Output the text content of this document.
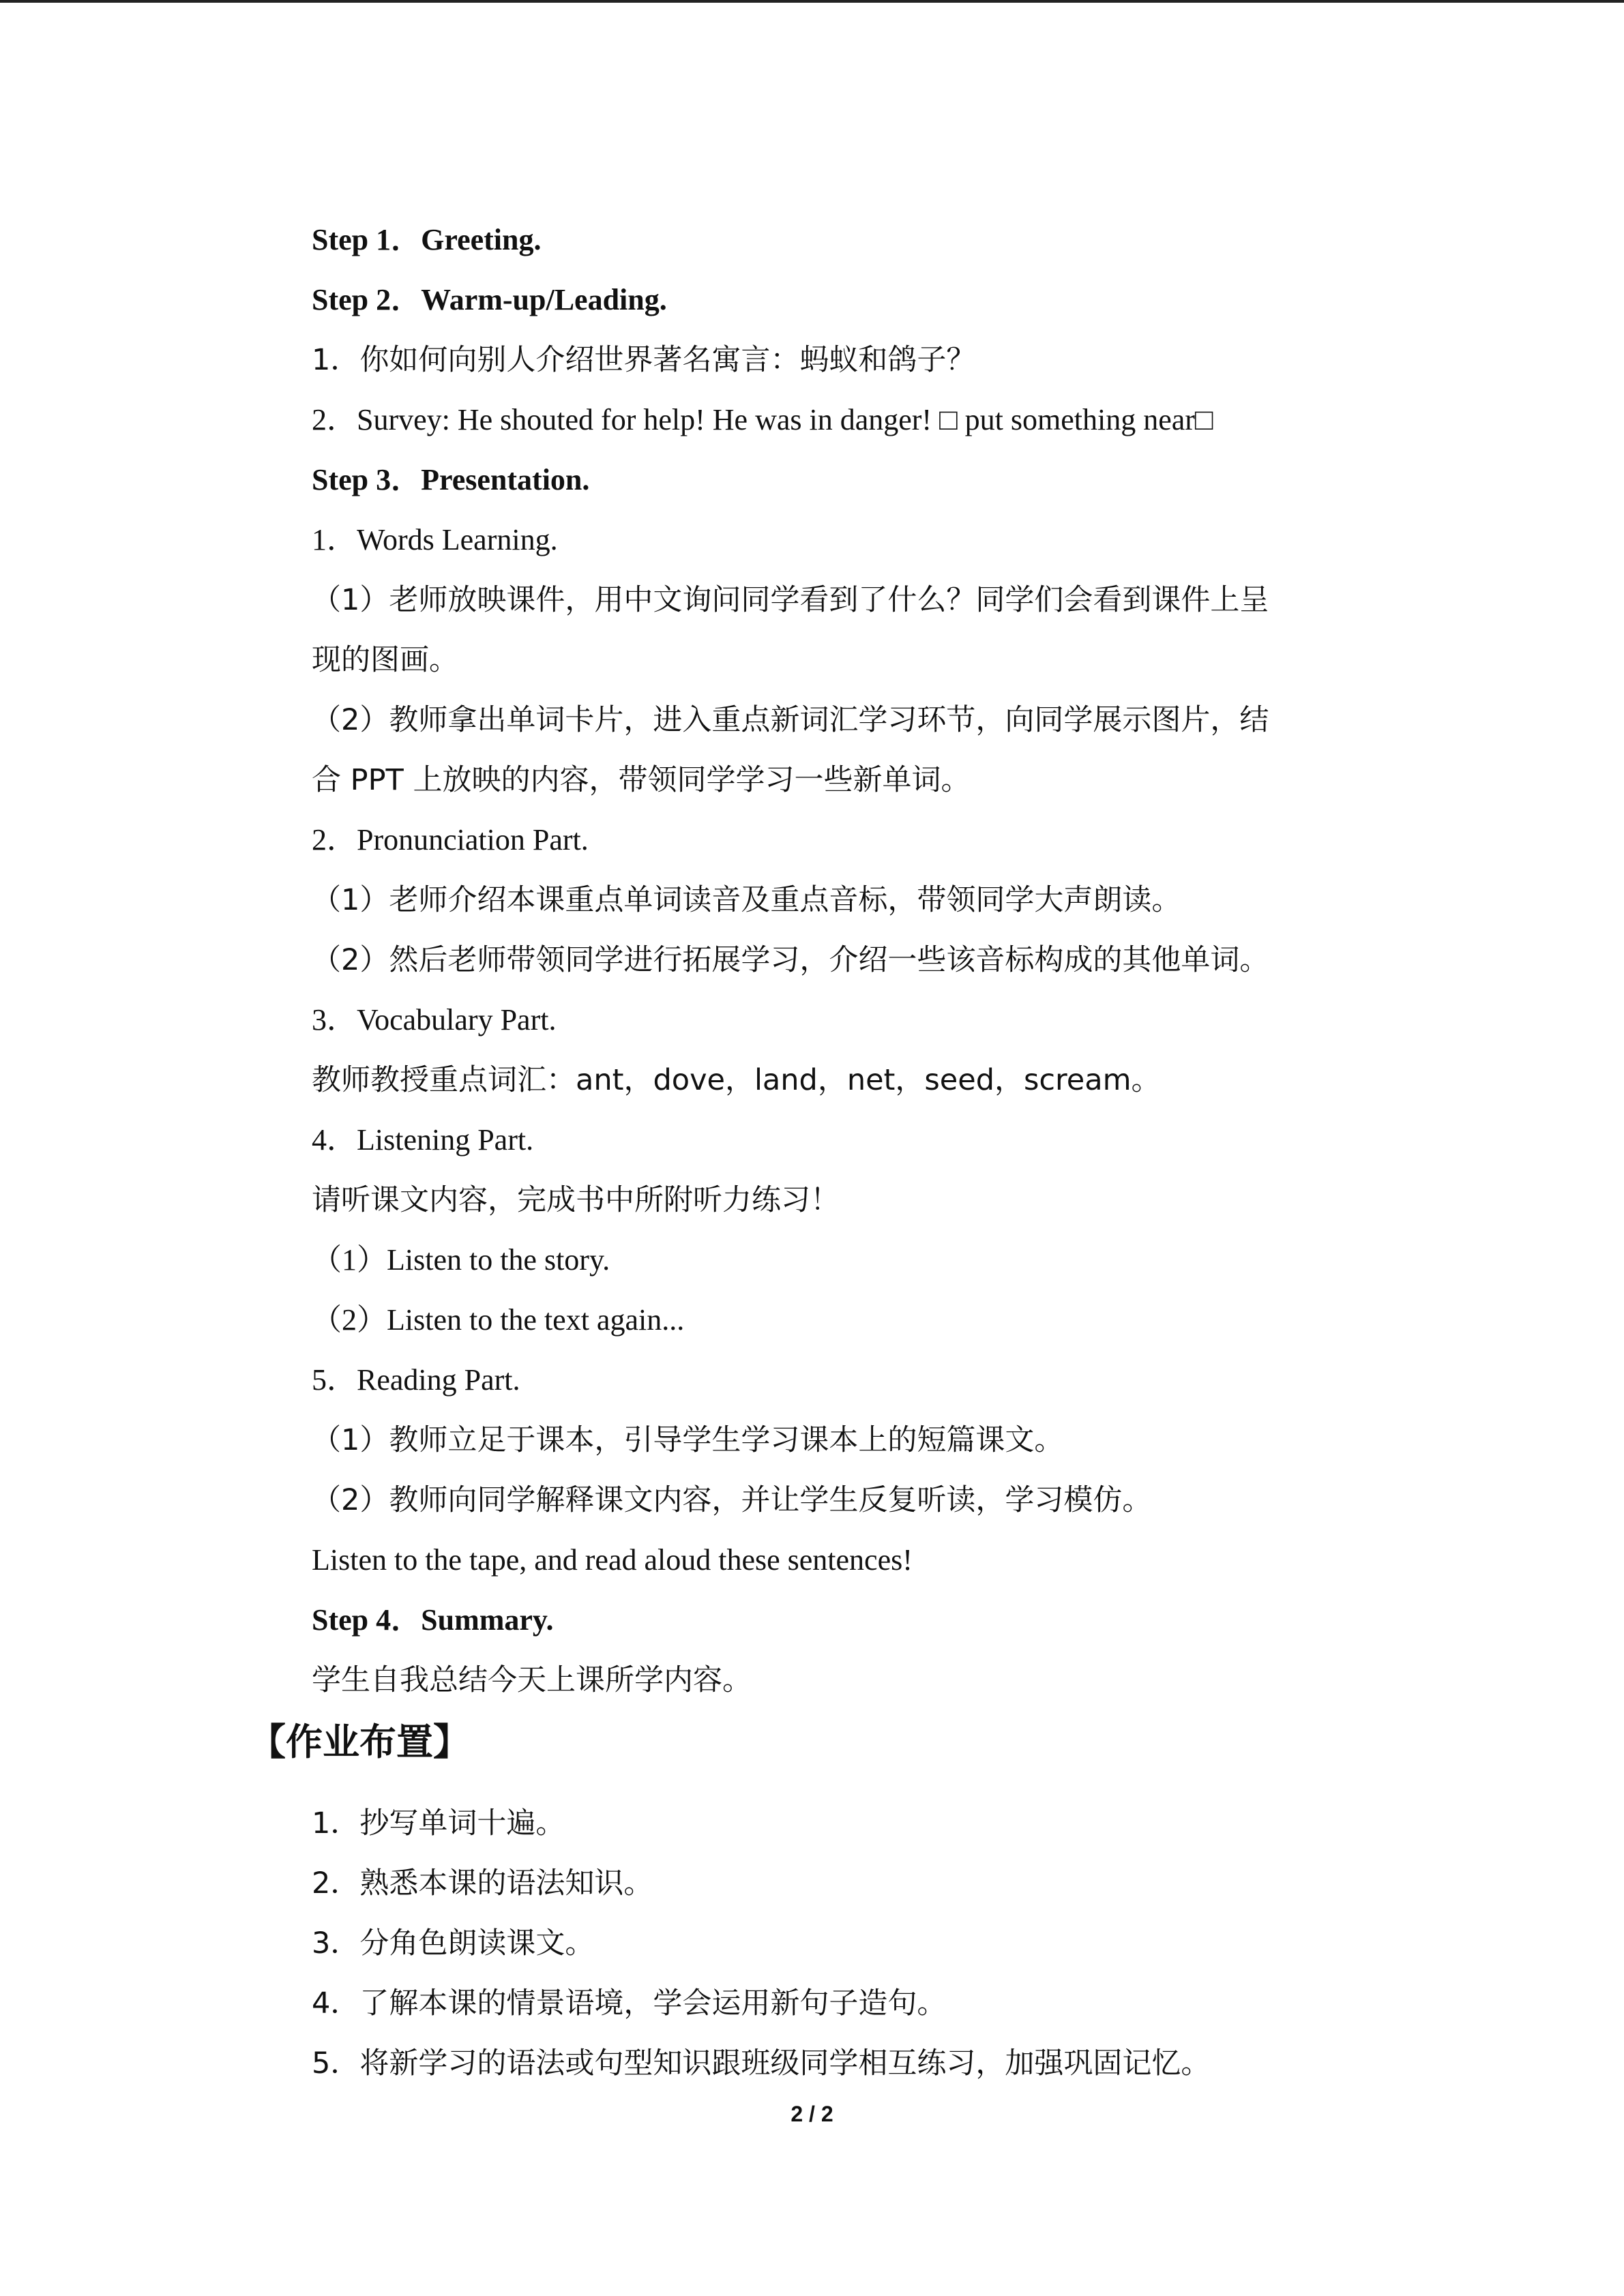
Step 1．Greeting.
Step 2．Warm-up/Leading.
1．你如何向别人介绍世界著名寓言：蚂蚁和鸽子？
2．Survey: He shouted for help! He was in danger! □ put something near□
Step 3．Presentation.
1．Words Learning.
（1）老师放映课件，用中文询问同学看到了什么？同学们会看到课件上呈
现的图画。
（2）教师拿出单词卡片，进入重点新词汇学习环节，向同学展示图片，结
合 PPT 上放映的内容，带领同学学习一些新单词。
2．Pronunciation Part.
（1）老师介绍本课重点单词读音及重点音标，带领同学大声朗读。
（2）然后老师带领同学进行拓展学习，介绍一些该音标构成的其他单词。
3．Vocabulary Part.
教师教授重点词汇：ant，dove，land，net，seed，scream。
4．Listening Part.
请听课文内容，完成书中所附听力练习！
（1）Listen to the story.
（2）Listen to the text again...
5．Reading Part.
（1）教师立足于课本，引导学生学习课本上的短篇课文。
（2）教师向同学解释课文内容，并让学生反复听读，学习模仿。
Listen to the tape, and read aloud these sentences!
Step 4．Summary.
学生自我总结今天上课所学内容。
【作业布置】
1．抄写单词十遍。
2．熟悉本课的语法知识。
3．分角色朗读课文。
4．了解本课的情景语境，学会运用新句子造句。
5．将新学习的语法或句型知识跟班级同学相互练习，加强巩固记忆。
2 / 2
